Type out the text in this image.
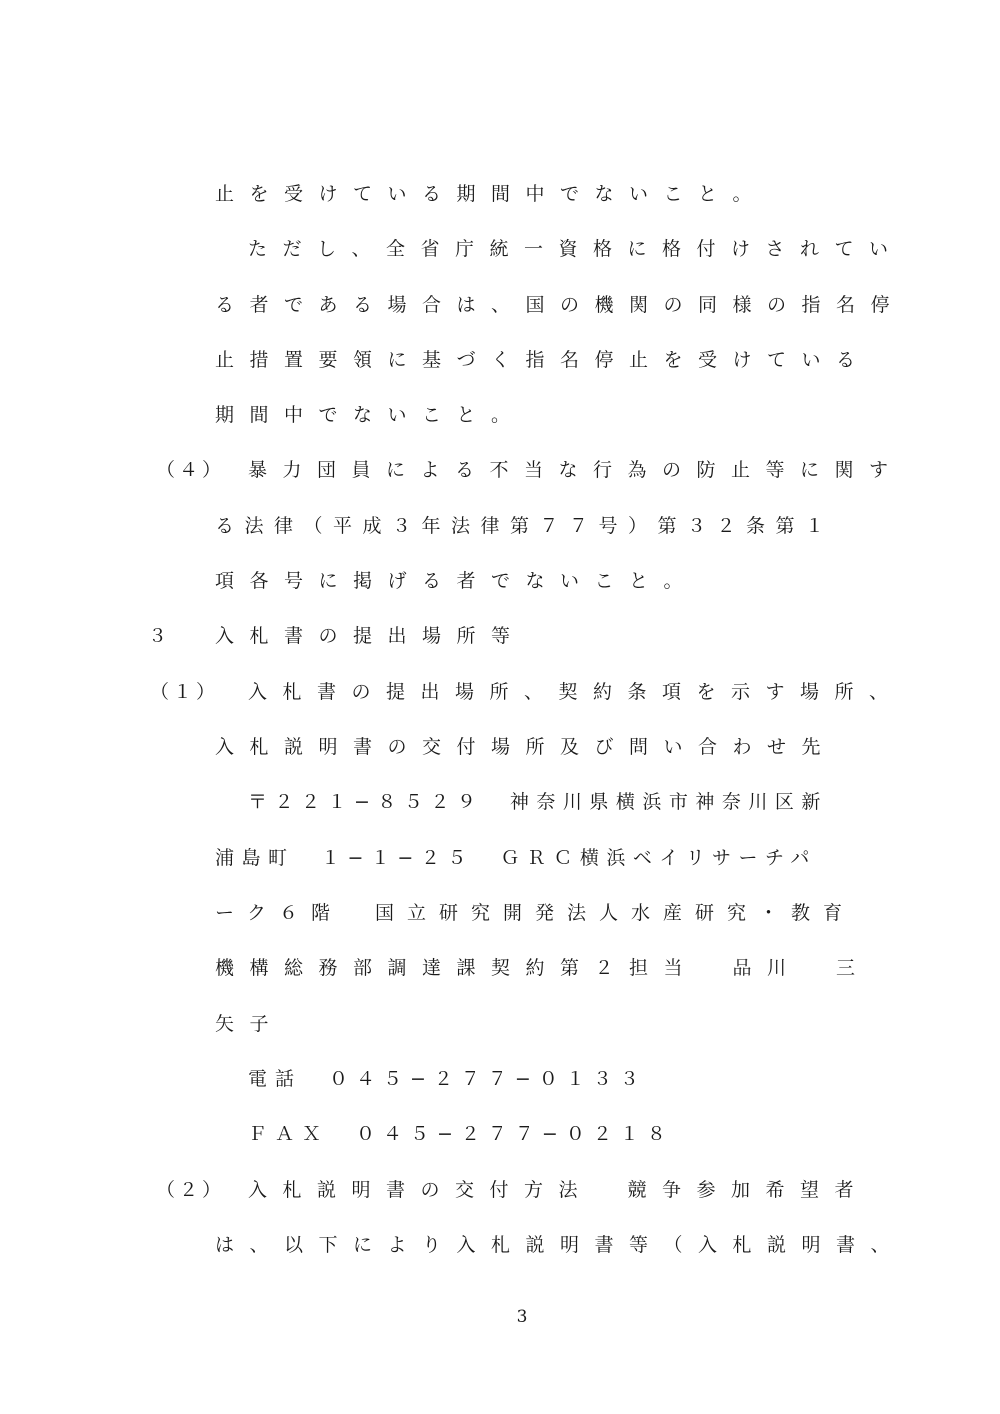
止を受けている期間中でないこと。
ただし、全省庁統一資格に格付けされてい
る者である場合は、国の機関の同様の指名停
止措置要領に基づく指名停止を受けている
期間中でないこと。
（４） 暴力団員による不当な行為の防止等に関す
る法律（平成３年法律第７７号）第３２条第１
項各号に掲げる者でないこと。
３ 入札書の提出場所等
（１） 入札書の提出場所、契約条項を示す場所、
入札説明書の交付場所及び問い合わせ先
〒２２１−８５２９　神奈川県横浜市神奈川区新
浦島町　１−１−２５　ＧＲＣ横浜ベイリサーチパ
ーク６階　国立研究開発法人水産研究・教育
機構総務部調達課契約第２担当　品川　三
矢子
電話　０４５−２７７−０１３３
ＦＡＸ　０４５−２７７−０２１８
（２） 入札説明書の交付方法　競争参加希望者
は、以下により入札説明書等（入札説明書、
3
